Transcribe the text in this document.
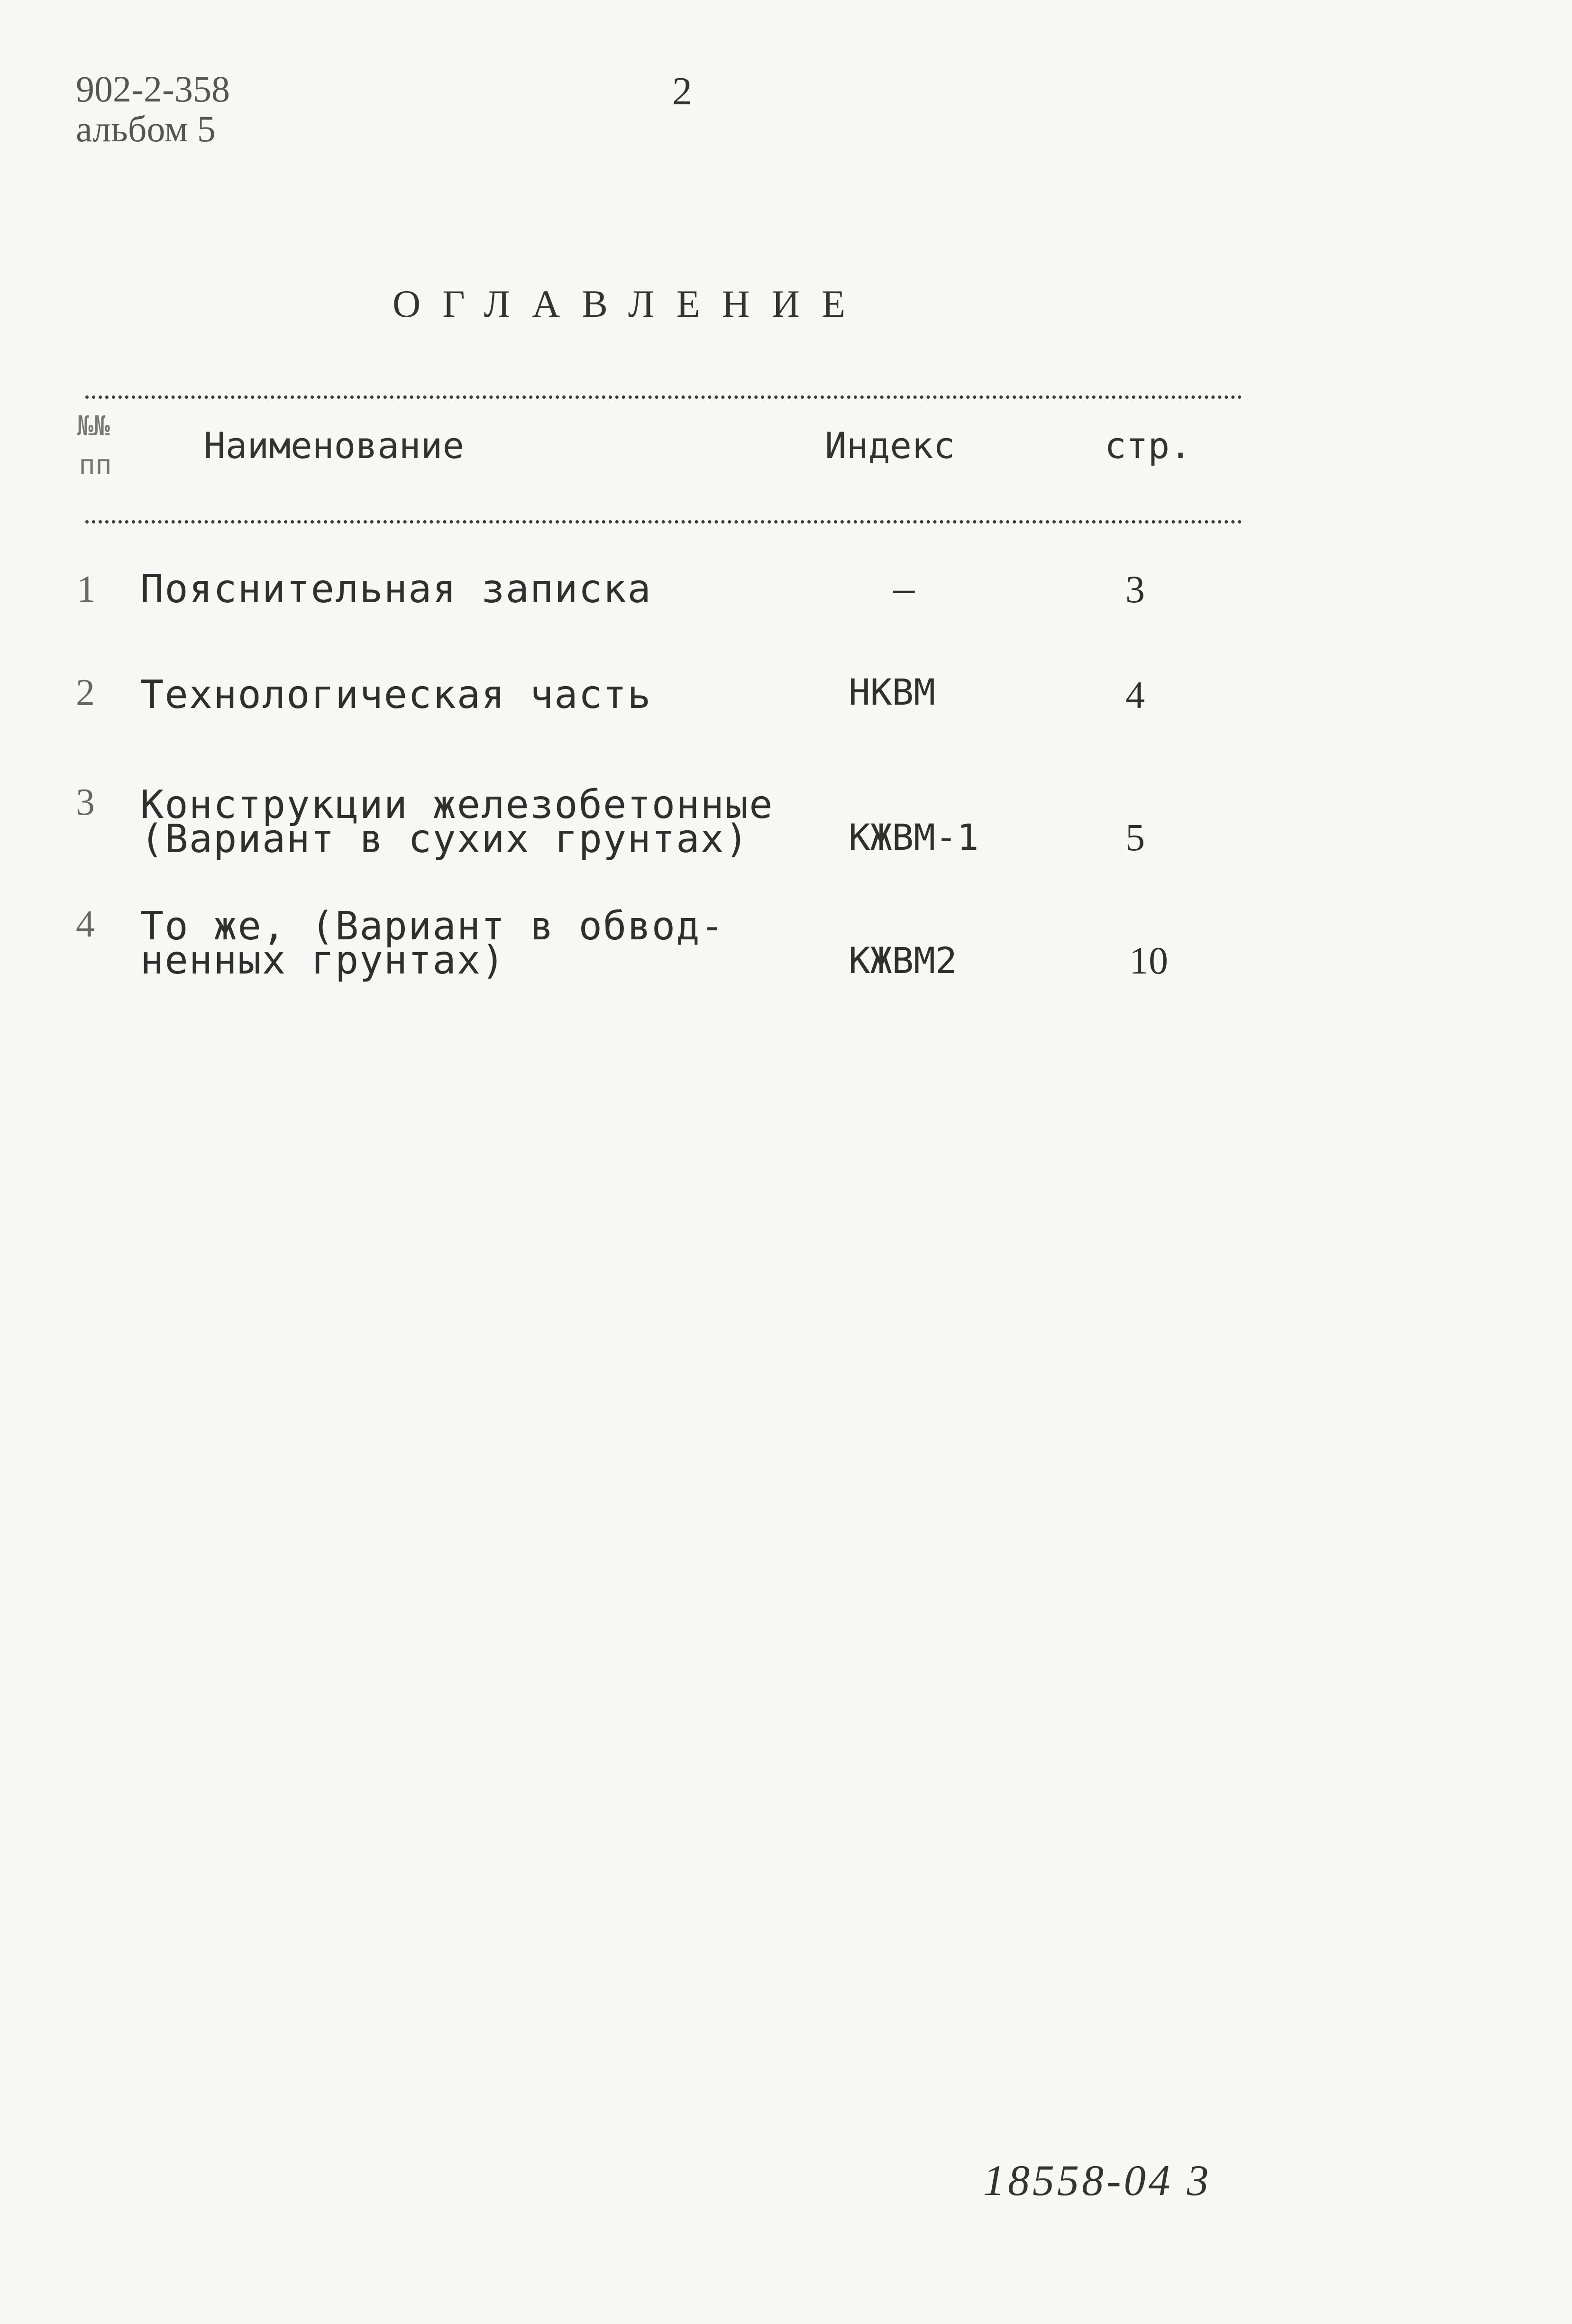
902-2-358
альбом 5
2
ОГЛАВЛЕНИЕ
№№
пп	Наименование	Индекс	стр.
1 Пояснительная записка	–	3
2 Технологическая часть	НКВМ	4
3 Конструкции железобетонные
(Вариант в сухих грунтах)	КЖВМ-1	5
4 То же, (Вариант в обвод-
ненных грунтах)	КЖВМ2	10
18558-04 3
